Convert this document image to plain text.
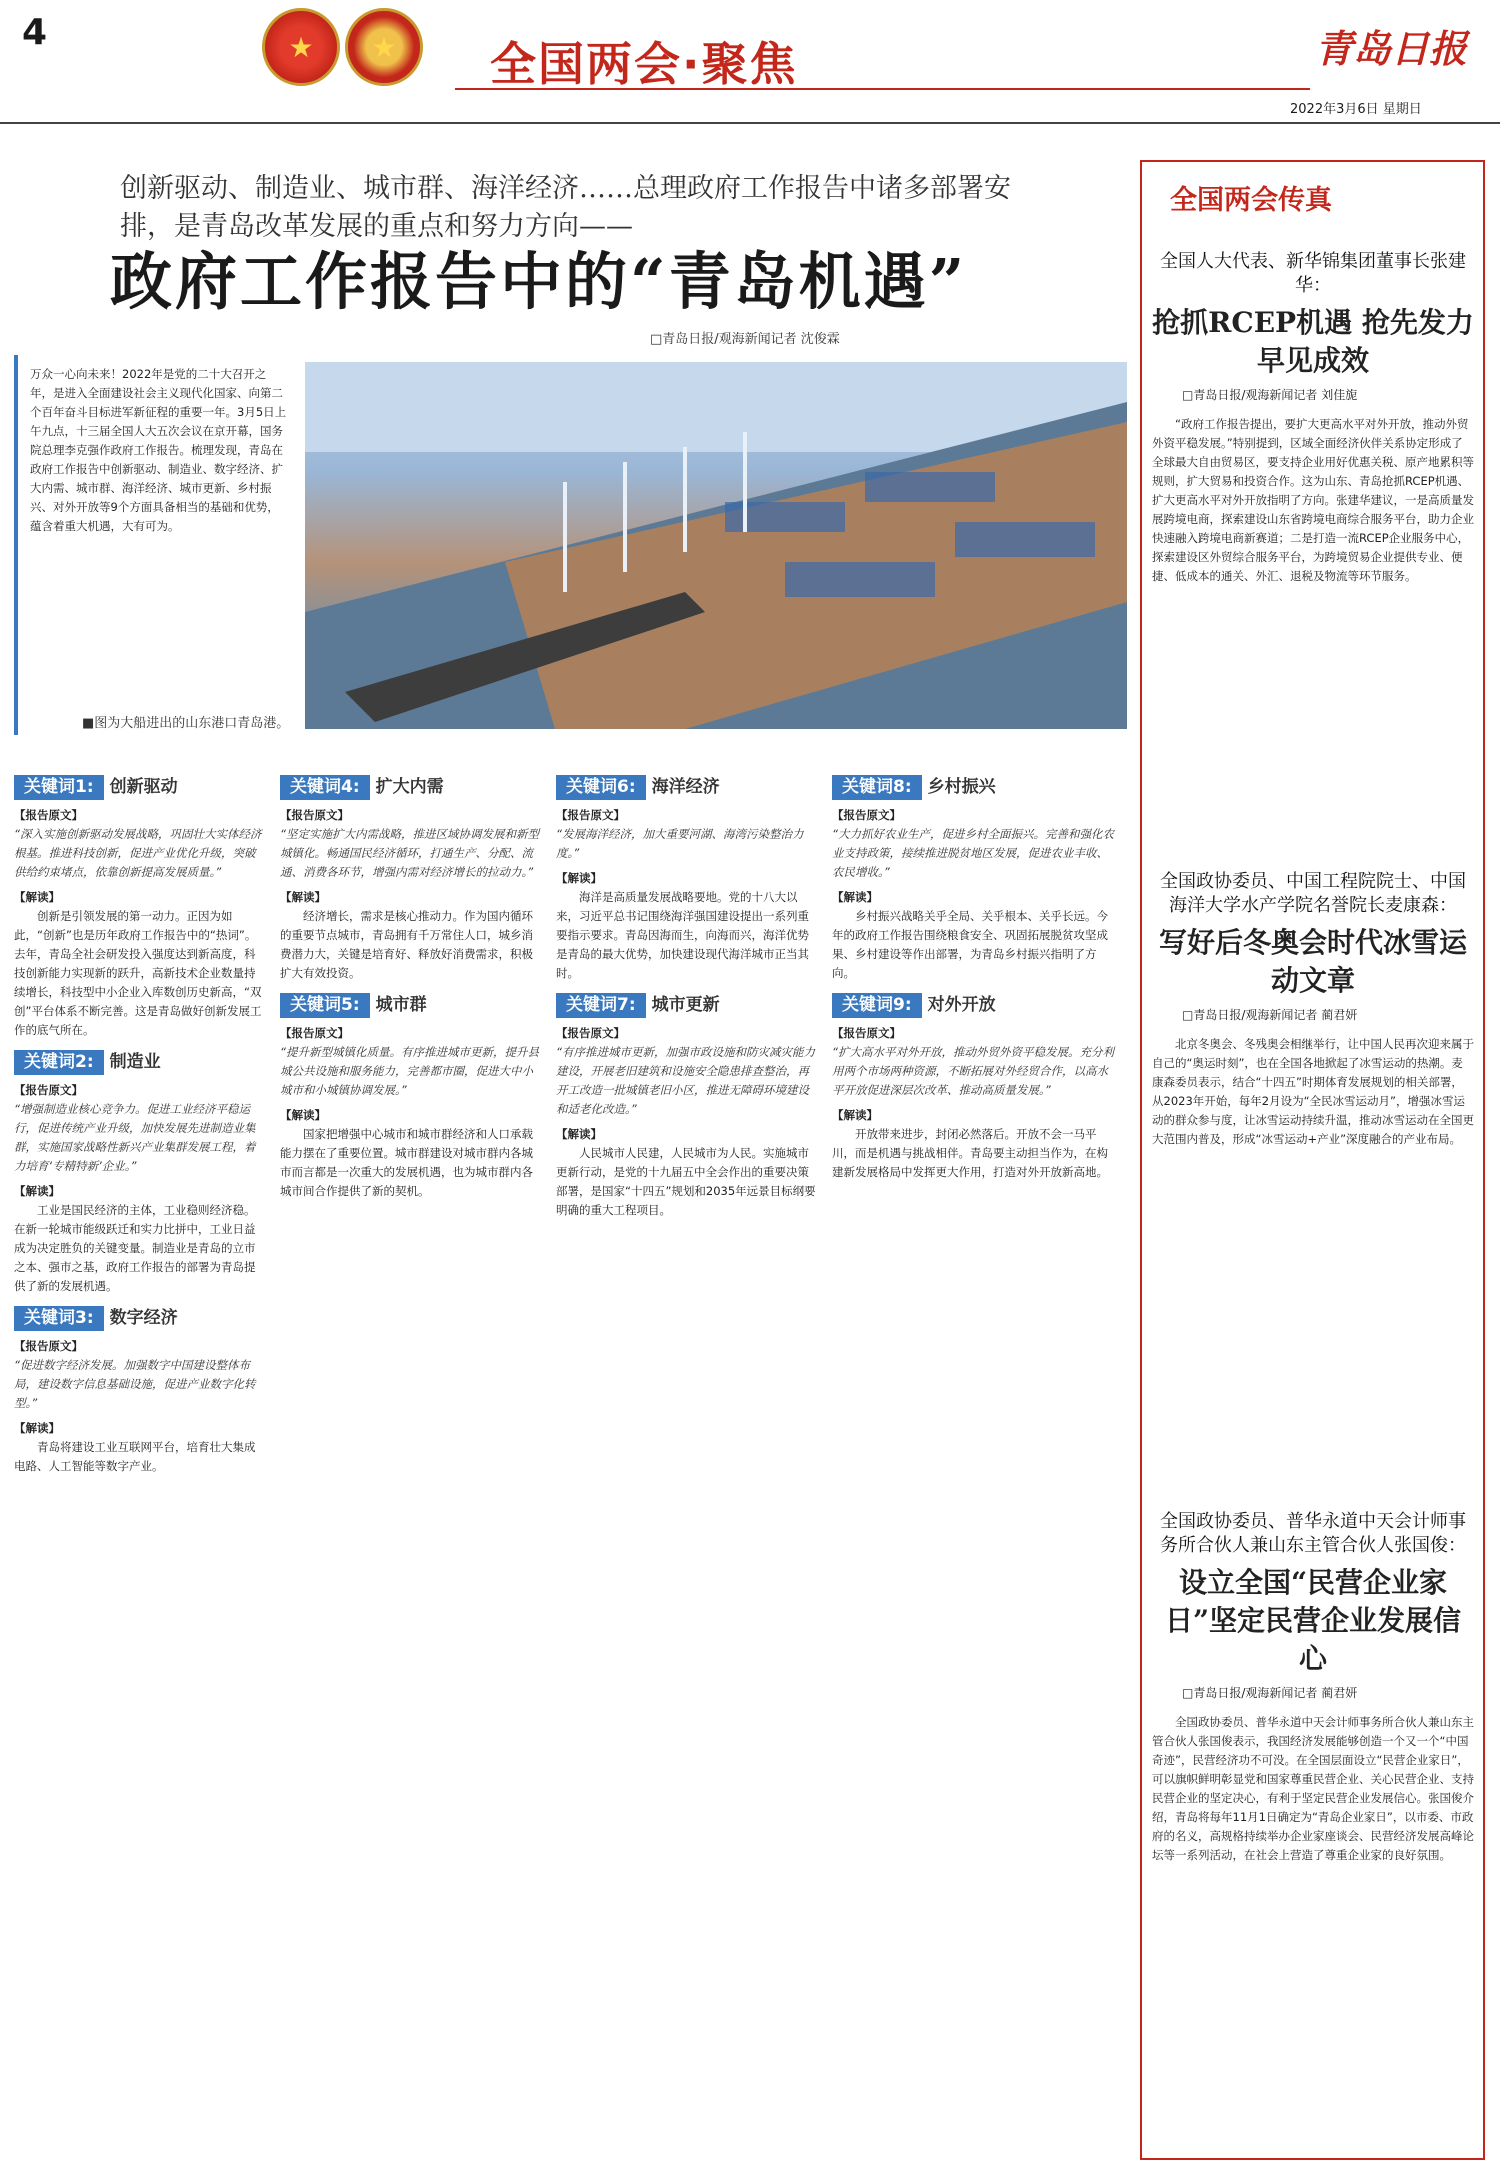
4	★	★	全国两会·聚焦	青岛日报
2022年3月6日 星期日
创新驱动、制造业、城市群、海洋经济……总理政府工作报告中诸多部署安排，是青岛改革发展的重点和努力方向——
政府工作报告中的“青岛机遇”
□青岛日报/观海新闻记者 沈俊霖
万众一心向未来！2022年是党的二十大召开之年，是进入全面建设社会主义现代化国家、向第二个百年奋斗目标进军新征程的重要一年。3月5日上午九点，十三届全国人大五次会议在京开幕，国务院总理李克强作政府工作报告。梳理发现，青岛在政府工作报告中创新驱动、制造业、数字经济、扩大内需、城市群、海洋经济、城市更新、乡村振兴、对外开放等9个方面具备相当的基础和优势，蕴含着重大机遇，大有可为。
■图为大船进出的山东港口青岛港。
关键词1: 创新驱动
【报告原文】
“深入实施创新驱动发展战略，巩固壮大实体经济根基。推进科技创新，促进产业优化升级，突破供给约束堵点，依靠创新提高发展质量。”
【解读】
创新是引领发展的第一动力。正因为如此，“创新”也是历年政府工作报告中的“热词”。去年，青岛全社会研发投入强度达到新高度，科技创新能力实现新的跃升，高新技术企业数量持续增长，科技型中小企业入库数创历史新高，“双创”平台体系不断完善。这是青岛做好创新发展工作的底气所在。
关键词2: 制造业
【报告原文】
“增强制造业核心竞争力。促进工业经济平稳运行，促进传统产业升级，加快发展先进制造业集群，实施国家战略性新兴产业集群发展工程，着力培育‘专精特新’企业。”
【解读】
工业是国民经济的主体，工业稳则经济稳。在新一轮城市能级跃迁和实力比拼中，工业日益成为决定胜负的关键变量。制造业是青岛的立市之本、强市之基，政府工作报告的部署为青岛提供了新的发展机遇。
关键词3: 数字经济
【报告原文】
“促进数字经济发展。加强数字中国建设整体布局，建设数字信息基础设施，促进产业数字化转型。”
【解读】
青岛将建设工业互联网平台，培育壮大集成电路、人工智能等数字产业。
关键词4: 扩大内需
【报告原文】
“坚定实施扩大内需战略，推进区域协调发展和新型城镇化。畅通国民经济循环，打通生产、分配、流通、消费各环节，增强内需对经济增长的拉动力。”
【解读】
经济增长，需求是核心推动力。作为国内循环的重要节点城市，青岛拥有千万常住人口，城乡消费潜力大，关键是培育好、释放好消费需求，积极扩大有效投资。
关键词5: 城市群
【报告原文】
“提升新型城镇化质量。有序推进城市更新，提升县城公共设施和服务能力，完善都市圈，促进大中小城市和小城镇协调发展。”
【解读】
国家把增强中心城市和城市群经济和人口承载能力摆在了重要位置。城市群建设对城市群内各城市而言都是一次重大的发展机遇，也为城市群内各城市间合作提供了新的契机。
关键词6: 海洋经济
【报告原文】
“发展海洋经济，加大重要河湖、海湾污染整治力度。”
【解读】
海洋是高质量发展战略要地。党的十八大以来，习近平总书记围绕海洋强国建设提出一系列重要指示要求。青岛因海而生，向海而兴，海洋优势是青岛的最大优势，加快建设现代海洋城市正当其时。
关键词7: 城市更新
【报告原文】
“有序推进城市更新，加强市政设施和防灾减灾能力建设，开展老旧建筑和设施安全隐患排查整治，再开工改造一批城镇老旧小区，推进无障碍环境建设和适老化改造。”
【解读】
人民城市人民建，人民城市为人民。实施城市更新行动，是党的十九届五中全会作出的重要决策部署，是国家“十四五”规划和2035年远景目标纲要明确的重大工程项目。
关键词8: 乡村振兴
【报告原文】
“大力抓好农业生产，促进乡村全面振兴。完善和强化农业支持政策，接续推进脱贫地区发展，促进农业丰收、农民增收。”
【解读】
乡村振兴战略关乎全局、关乎根本、关乎长远。今年的政府工作报告围绕粮食安全、巩固拓展脱贫攻坚成果、乡村建设等作出部署，为青岛乡村振兴指明了方向。
关键词9: 对外开放
【报告原文】
“扩大高水平对外开放，推动外贸外资平稳发展。充分利用两个市场两种资源，不断拓展对外经贸合作，以高水平开放促进深层次改革、推动高质量发展。”
【解读】
开放带来进步，封闭必然落后。开放不会一马平川，而是机遇与挑战相伴。青岛要主动担当作为，在构建新发展格局中发挥更大作用，打造对外开放新高地。
全国两会传真
全国人大代表、新华锦集团董事长张建华：
抢抓RCEP机遇 抢先发力早见成效
□青岛日报/观海新闻记者 刘佳旎
“政府工作报告提出，要扩大更高水平对外开放，推动外贸外资平稳发展。”特别提到，区域全面经济伙伴关系协定形成了全球最大自由贸易区，要支持企业用好优惠关税、原产地累积等规则，扩大贸易和投资合作。这为山东、青岛抢抓RCEP机遇、扩大更高水平对外开放指明了方向。张建华建议，一是高质量发展跨境电商，探索建设山东省跨境电商综合服务平台，助力企业快速融入跨境电商新赛道；二是打造一流RCEP企业服务中心，探索建设区外贸综合服务平台，为跨境贸易企业提供专业、便捷、低成本的通关、外汇、退税及物流等环节服务。
全国政协委员、中国工程院院士、中国海洋大学水产学院名誉院长麦康森：
写好后冬奥会时代冰雪运动文章
□青岛日报/观海新闻记者 蔺君妍
北京冬奥会、冬残奥会相继举行，让中国人民再次迎来属于自己的“奥运时刻”，也在全国各地掀起了冰雪运动的热潮。麦康森委员表示，结合“十四五”时期体育发展规划的相关部署，从2023年开始，每年2月设为“全民冰雪运动月”，增强冰雪运动的群众参与度，让冰雪运动持续升温，推动冰雪运动在全国更大范围内普及，形成“冰雪运动+产业”深度融合的产业布局。
全国政协委员、普华永道中天会计师事务所合伙人兼山东主管合伙人张国俊：
设立全国“民营企业家日”坚定民营企业发展信心
□青岛日报/观海新闻记者 蔺君妍
全国政协委员、普华永道中天会计师事务所合伙人兼山东主管合伙人张国俊表示，我国经济发展能够创造一个又一个“中国奇迹”，民营经济功不可没。在全国层面设立“民营企业家日”，可以旗帜鲜明彰显党和国家尊重民营企业、关心民营企业、支持民营企业的坚定决心，有利于坚定民营企业发展信心。张国俊介绍，青岛将每年11月1日确定为“青岛企业家日”，以市委、市政府的名义，高规格持续举办企业家座谈会、民营经济发展高峰论坛等一系列活动，在社会上营造了尊重企业家的良好氛围。
